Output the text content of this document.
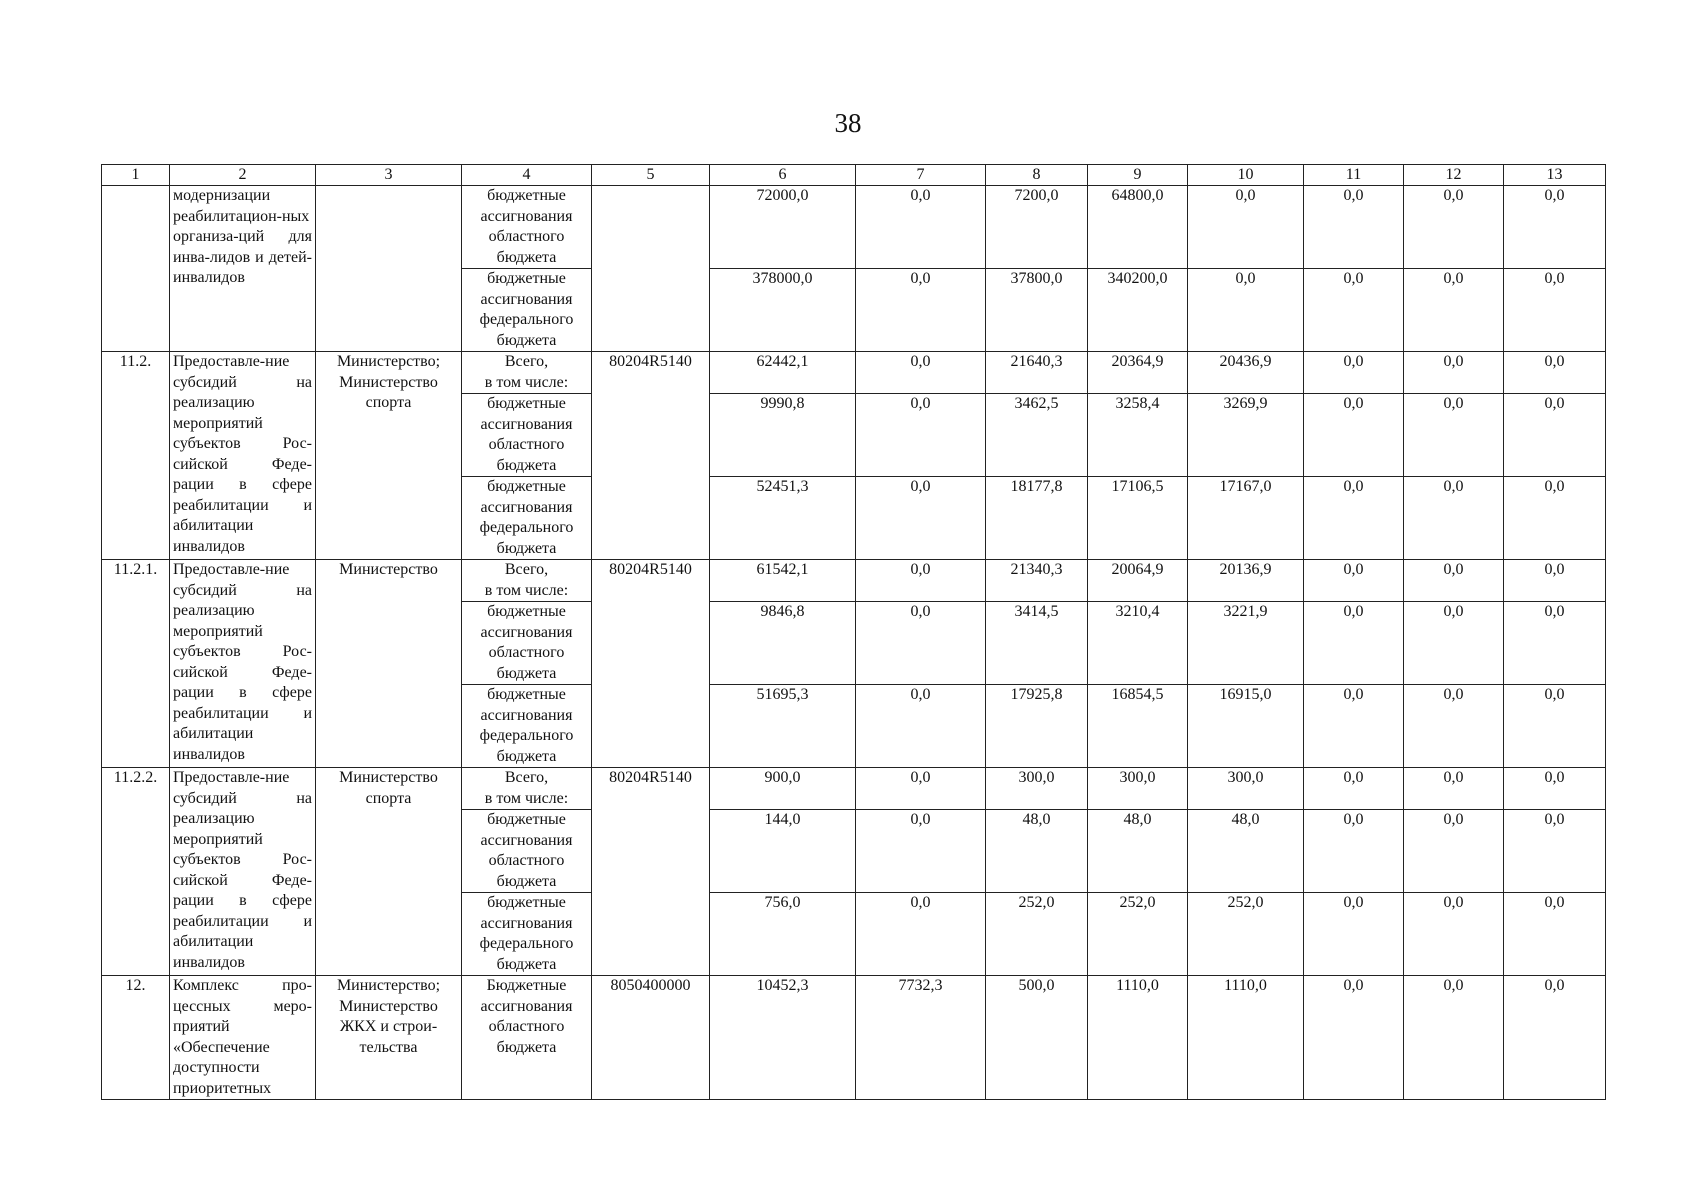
38
1	2	3	4	5	6	7	8	9	10	11	12	13
	модернизации реабилитацион-ных организа-ций для инва-лидов и детей-инвалидов		бюджетные
ассигнования
областного
бюджета		72000,0	0,0	7200,0	64800,0	0,0	0,0	0,0	0,0
			бюджетные
ассигнования
федерального
бюджета		378000,0	0,0	37800,0	340200,0	0,0	0,0	0,0	0,0
11.2.	Предоставле-ние субсидий на реализацию мероприятий субъектов Рос-сийской Феде-рации в сфере реабилитации и абилитации инвалидов	Министерство; Министерство спорта	Всего,
в том числе:	80204R5140	62442,1	0,0	21640,3	20364,9	20436,9	0,0	0,0	0,0
			бюджетные
ассигнования
областного
бюджета		9990,8	0,0	3462,5	3258,4	3269,9	0,0	0,0	0,0
			бюджетные
ассигнования
федерального
бюджета		52451,3	0,0	18177,8	17106,5	17167,0	0,0	0,0	0,0
11.2.1.	Предоставле-ние субсидий на реализацию мероприятий субъектов Рос-сийской Феде-рации в сфере реабилитации и абилитации инвалидов	Министерство	Всего,
в том числе:	80204R5140	61542,1	0,0	21340,3	20064,9	20136,9	0,0	0,0	0,0
			бюджетные
ассигнования
областного
бюджета		9846,8	0,0	3414,5	3210,4	3221,9	0,0	0,0	0,0
			бюджетные
ассигнования
федерального
бюджета		51695,3	0,0	17925,8	16854,5	16915,0	0,0	0,0	0,0
11.2.2.	Предоставле-ние субсидий на реализацию мероприятий субъектов Рос-сийской Феде-рации в сфере реабилитации и абилитации инвалидов	Министерство спорта	Всего,
в том числе:	80204R5140	900,0	0,0	300,0	300,0	300,0	0,0	0,0	0,0
			бюджетные
ассигнования
областного
бюджета		144,0	0,0	48,0	48,0	48,0	0,0	0,0	0,0
			бюджетные
ассигнования
федерального
бюджета		756,0	0,0	252,0	252,0	252,0	0,0	0,0	0,0
12.	Комплекс про-цессных меро-приятий «Обеспечение доступности приоритетных	Министерство; Министерство ЖКХ и строи-тельства	Бюджетные
ассигнования
областного
бюджета	8050400000	10452,3	7732,3	500,0	1110,0	1110,0	0,0	0,0	0,0
